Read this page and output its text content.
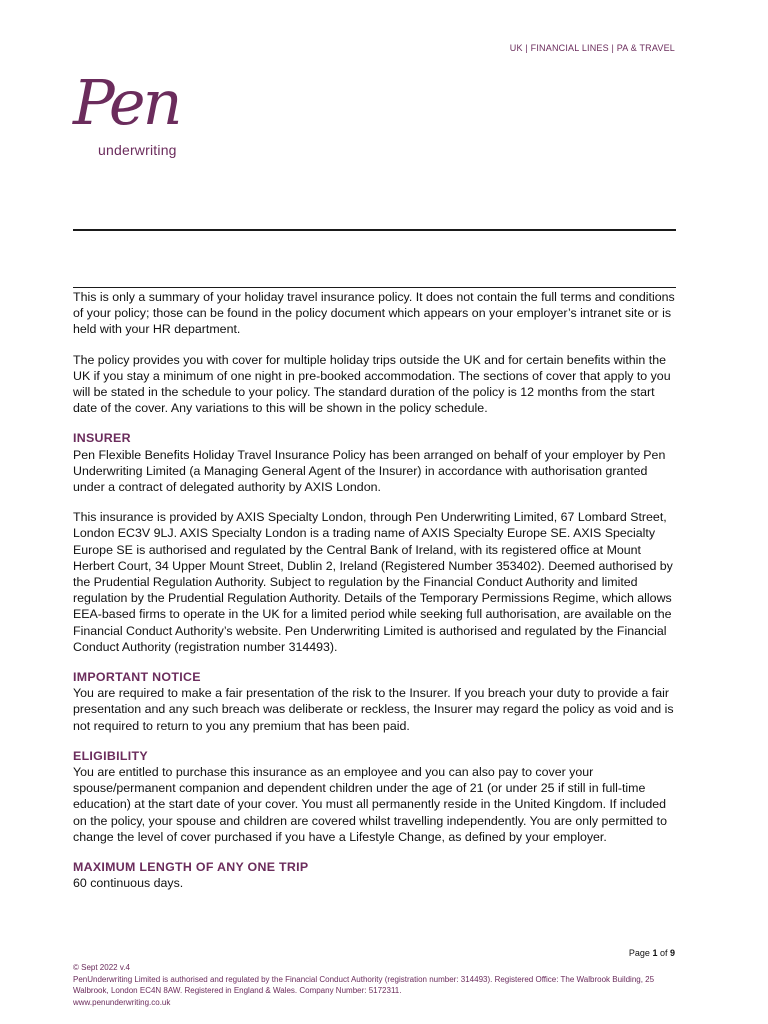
UK | FINANCIAL LINES | PA & TRAVEL
Pen
underwriting

This is only a summary of your holiday travel insurance policy. It does not contain the full terms and conditions of your policy; those can be found in the policy document which appears on your employer’s intranet site or is held with your HR department.

The policy provides you with cover for multiple holiday trips outside the UK and for certain benefits within the UK if you stay a minimum of one night in pre-booked accommodation. The sections of cover that apply to you will be stated in the schedule to your policy. The standard duration of the policy is 12 months from the start date of the cover. Any variations to this will be shown in the policy schedule.

INSURER

Pen Flexible Benefits Holiday Travel Insurance Policy has been arranged on behalf of your employer by Pen Underwriting Limited (a Managing General Agent of the Insurer) in accordance with authorisation granted under a contract of delegated authority by AXIS London.

This insurance is provided by AXIS Specialty London, through Pen Underwriting Limited, 67 Lombard Street, London EC3V 9LJ. AXIS Specialty London is a trading name of AXIS Specialty Europe SE. AXIS Specialty Europe SE is authorised and regulated by the Central Bank of Ireland, with its registered office at Mount Herbert Court, 34 Upper Mount Street, Dublin 2, Ireland (Registered Number 353402). Deemed authorised by the Prudential Regulation Authority. Subject to regulation by the Financial Conduct Authority and limited regulation by the Prudential Regulation Authority. Details of the Temporary Permissions Regime, which allows EEA-based firms to operate in the UK for a limited period while seeking full authorisation, are available on the Financial Conduct Authority’s website. Pen Underwriting Limited is authorised and regulated by the Financial Conduct Authority (registration number 314493).

IMPORTANT NOTICE

You are required to make a fair presentation of the risk to the Insurer. If you breach your duty to provide a fair presentation and any such breach was deliberate or reckless, the Insurer may regard the policy as void and is not required to return to you any premium that has been paid.

ELIGIBILITY

You are entitled to purchase this insurance as an employee and you can also pay to cover your spouse/permanent companion and dependent children under the age of 21 (or under 25 if still in full-time education) at the start date of your cover. You must all permanently reside in the United Kingdom. If included on the policy, your spouse and children are covered whilst travelling independently. You are only permitted to change the level of cover purchased if you have a Lifestyle Change, as defined by your employer.

MAXIMUM LENGTH OF ANY ONE TRIP

60 continuous days.

Page 1 of 9
© Sept 2022 v.4
PenUnderwriting Limited is authorised and regulated by the Financial Conduct Authority (registration number: 314493). Registered Office: The Walbrook Building, 25 Walbrook, London EC4N 8AW. Registered in England & Wales. Company Number: 5172311.
www.penunderwriting.co.uk
